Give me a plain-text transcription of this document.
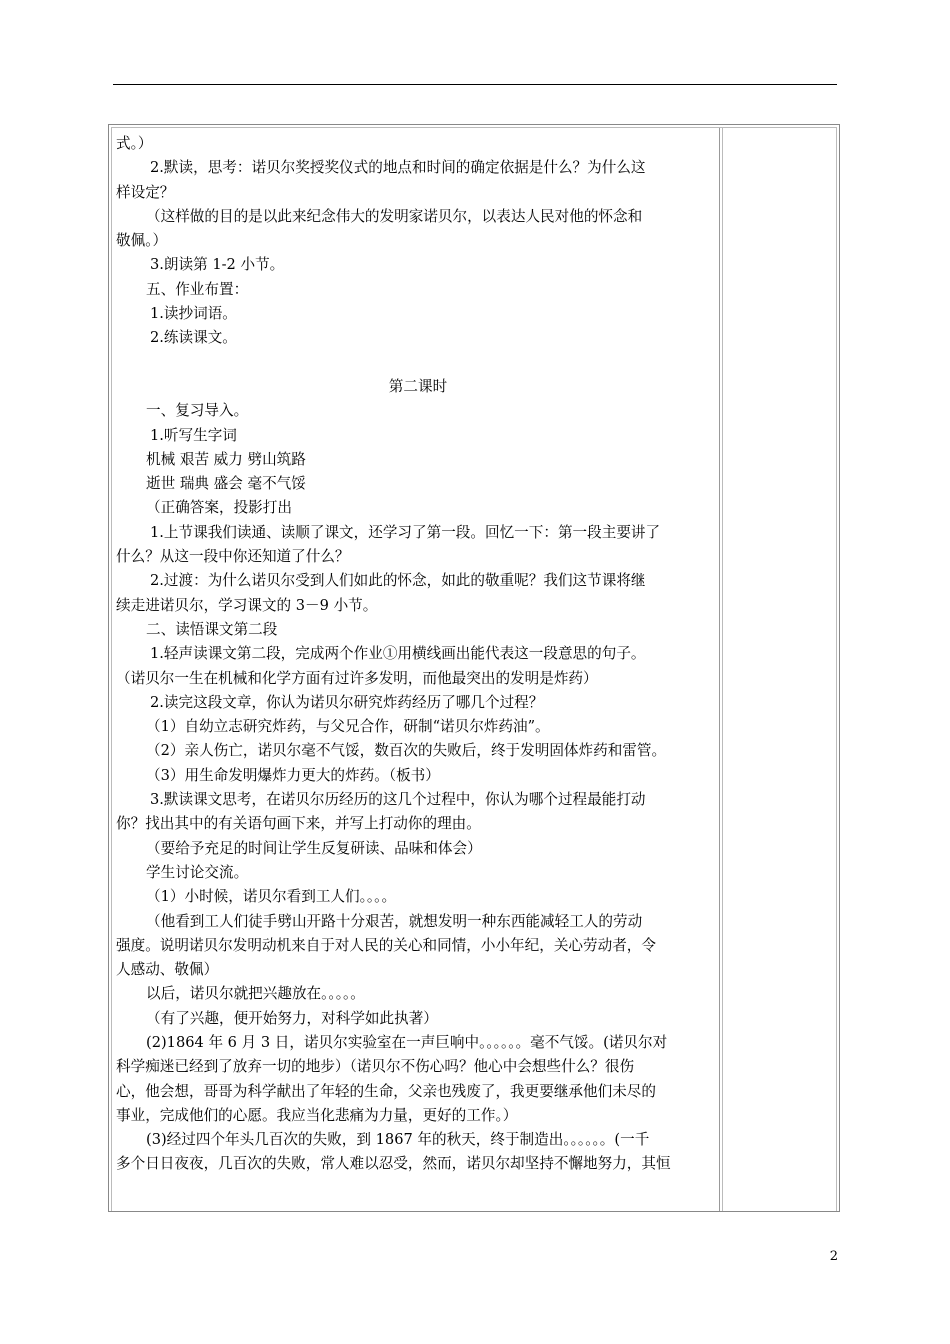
式。）
2.默读，思考：诺贝尔奖授奖仪式的地点和时间的确定依据是什么？为什么这
样设定？
（这样做的目的是以此来纪念伟大的发明家诺贝尔，以表达人民对他的怀念和
敬佩。）
3.朗读第 1-2 小节。
五、作业布置：
1.读抄词语。
2.练读课文。
第二课时
一、复习导入。
1.听写生字词
机械 艰苦 威力 劈山筑路
逝世 瑞典 盛会 毫不气馁
（正确答案，投影打出
1.上节课我们读通、读顺了课文，还学习了第一段。回忆一下：第一段主要讲了
什么？从这一段中你还知道了什么？
2.过渡：为什么诺贝尔受到人们如此的怀念，如此的敬重呢？我们这节课将继
续走进诺贝尔，学习课文的 3－9 小节。
二、读悟课文第二段
1.轻声读课文第二段，完成两个作业①用横线画出能代表这一段意思的句子。
（诺贝尔一生在机械和化学方面有过许多发明，而他最突出的发明是炸药）
2.读完这段文章，你认为诺贝尔研究炸药经历了哪几个过程？
（1）自幼立志研究炸药，与父兄合作，研制“诺贝尔炸药油”。
（2）亲人伤亡，诺贝尔毫不气馁，数百次的失败后，终于发明固体炸药和雷管。
（3）用生命发明爆炸力更大的炸药。（板书）
3.默读课文思考，在诺贝尔历经历的这几个过程中，你认为哪个过程最能打动
你？找出其中的有关语句画下来，并写上打动你的理由。
（要给予充足的时间让学生反复研读、品味和体会）
学生讨论交流。
（1）小时候，诺贝尔看到工人们。。。。
（他看到工人们徒手劈山开路十分艰苦，就想发明一种东西能减轻工人的劳动
强度。说明诺贝尔发明动机来自于对人民的关心和同情，小小年纪，关心劳动者，令
人感动、敬佩）
以后，诺贝尔就把兴趣放在。。。。。
（有了兴趣，便开始努力，对科学如此执著）
(2)1864 年 6 月 3 日，诺贝尔实验室在一声巨响中。。。。。。毫不气馁。(诺贝尔对
科学痴迷已经到了放弃一切的地步）（诺贝尔不伤心吗？他心中会想些什么？很伤
心，他会想，哥哥为科学献出了年轻的生命，父亲也残废了，我更要继承他们未尽的
事业，完成他们的心愿。我应当化悲痛为力量，更好的工作。）
(3)经过四个年头几百次的失败，到 1867 年的秋天，终于制造出。。。。。。(一千
多个日日夜夜，几百次的失败，常人难以忍受，然而，诺贝尔却坚持不懈地努力，其恒
2
